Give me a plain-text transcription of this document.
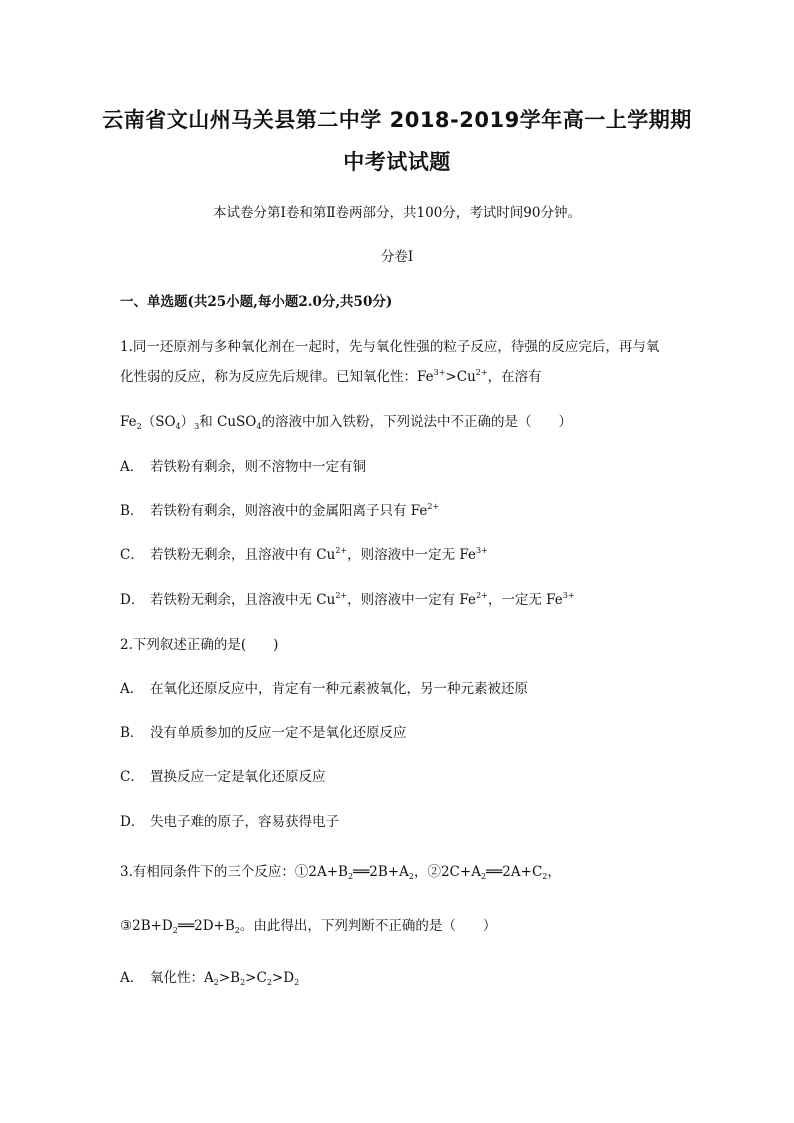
云南省文山州马关县第二中学 2018-2019学年高一上学期期
中考试试题
本试卷分第Ⅰ卷和第Ⅱ卷两部分，共100分，考试时间90分钟。
分卷I
一、单选题(共25小题,每小题2.0分,共50分)
1.同一还原剂与多种氧化剂在一起时，先与氧化性强的粒子反应，待强的反应完后，再与氧
化性弱的反应，称为反应先后规律。已知氧化性：$Fe^{3+}>Cu^{2+}$，在溶有
$Fe_2(SO_4)_3$和 CuSO$_4$的溶液中加入铁粉，下列说法中不正确的是（　　）
A． 若铁粉有剩余，则不溶物中一定有铜
B． 若铁粉有剩余，则溶液中的金属阳离子只有 $Fe^{2+}$
C． 若铁粉无剩余，且溶液中有 $Cu^{2+}$，则溶液中一定无 $Fe^{3+}$
D． 若铁粉无剩余，且溶液中无 $Cu^{2+}$，则溶液中一定有 $Fe^{2+}$，一定无 $Fe^{3+}$
2.下列叙述正确的是(　　)
A． 在氧化还原反应中，肯定有一种元素被氧化，另一种元素被还原
B． 没有单质参加的反应一定不是氧化还原反应
C． 置换反应一定是氧化还原反应
D． 失电子难的原子，容易获得电子
3.有相同条件下的三个反应：$①2A+B_2══2B+A_2$，$②2C+A_2══2A+C_2$，
$③2B+D_2══2D+B_2$。由此得出，下列判断不正确的是（　　）
A． 氧化性：$A_2>B_2>C_2>D_2$
